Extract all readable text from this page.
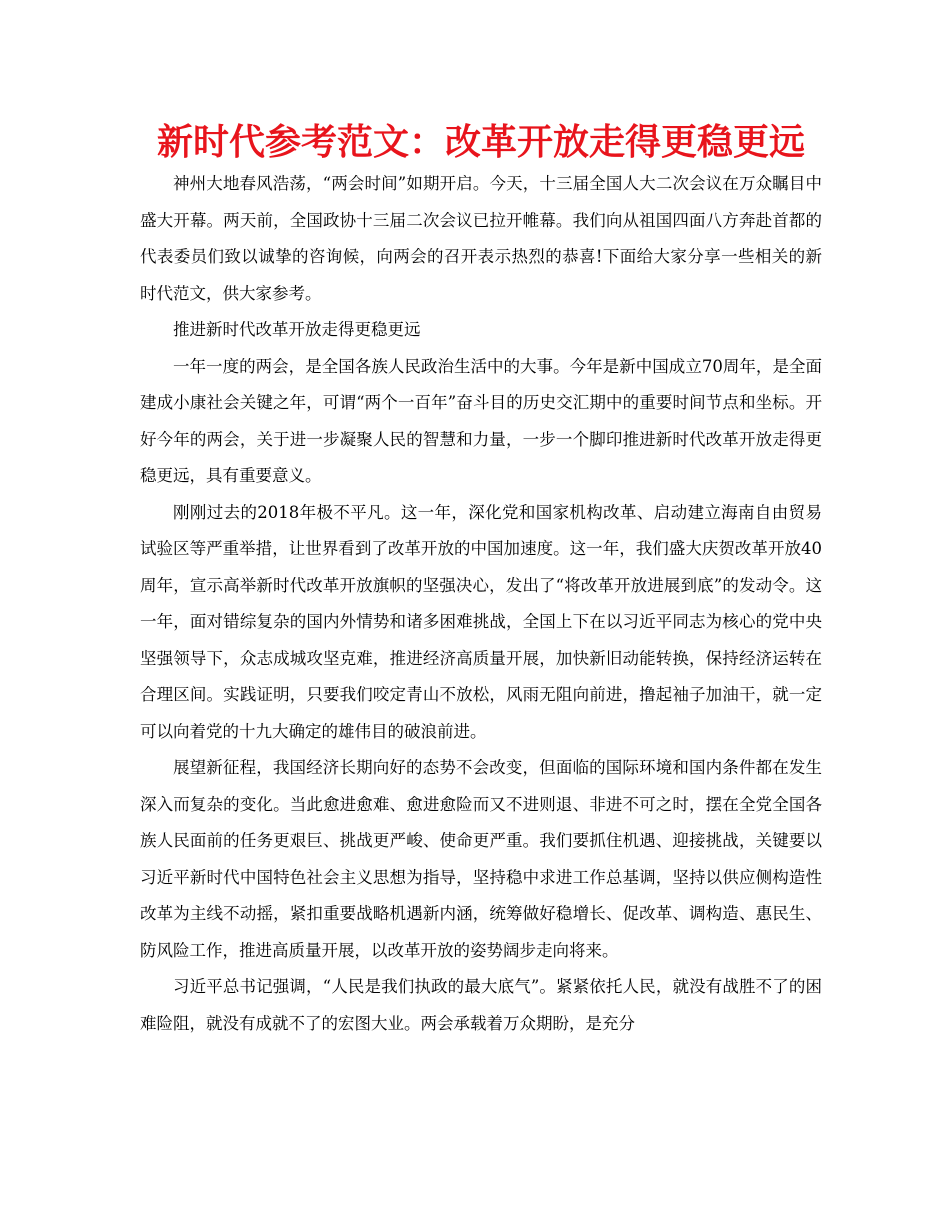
新时代参考范文：改革开放走得更稳更远

神州大地春风浩荡，“两会时间”如期开启。今天，十三届全国人大二次会议在万众瞩目中盛大开幕。两天前，全国政协十三届二次会议已拉开帷幕。我们向从祖国四面八方奔赴首都的代表委员们致以诚挚的咨询候，向两会的召开表示热烈的恭喜!下面给大家分享一些相关的新时代范文，供大家参考。

推进新时代改革开放走得更稳更远

一年一度的两会，是全国各族人民政治生活中的大事。今年是新中国成立70周年，是全面建成小康社会关键之年，可谓“两个一百年”奋斗目的历史交汇期中的重要时间节点和坐标。开好今年的两会，关于进一步凝聚人民的智慧和力量，一步一个脚印推进新时代改革开放走得更稳更远，具有重要意义。

刚刚过去的2018年极不平凡。这一年，深化党和国家机构改革、启动建立海南自由贸易试验区等严重举措，让世界看到了改革开放的中国加速度。这一年，我们盛大庆贺改革开放40周年，宣示高举新时代改革开放旗帜的坚强决心，发出了“将改革开放进展到底”的发动令。这一年，面对错综复杂的国内外情势和诸多困难挑战，全国上下在以习近平同志为核心的党中央坚强领导下，众志成城攻坚克难，推进经济高质量开展，加快新旧动能转换，保持经济运转在合理区间。实践证明，只要我们咬定青山不放松，风雨无阻向前进，撸起袖子加油干，就一定可以向着党的十九大确定的雄伟目的破浪前进。

展望新征程，我国经济长期向好的态势不会改变，但面临的国际环境和国内条件都在发生深入而复杂的变化。当此愈进愈难、愈进愈险而又不进则退、非进不可之时，摆在全党全国各族人民面前的任务更艰巨、挑战更严峻、使命更严重。我们要抓住机遇、迎接挑战，关键要以习近平新时代中国特色社会主义思想为指导，坚持稳中求进工作总基调，坚持以供应侧构造性改革为主线不动摇，紧扣重要战略机遇新内涵，统筹做好稳增长、促改革、调构造、惠民生、防风险工作，推进高质量开展，以改革开放的姿势阔步走向将来。

习近平总书记强调，“人民是我们执政的最大底气”。紧紧依托人民，就没有战胜不了的困难险阻，就没有成就不了的宏图大业。两会承载着万众期盼，是充分
